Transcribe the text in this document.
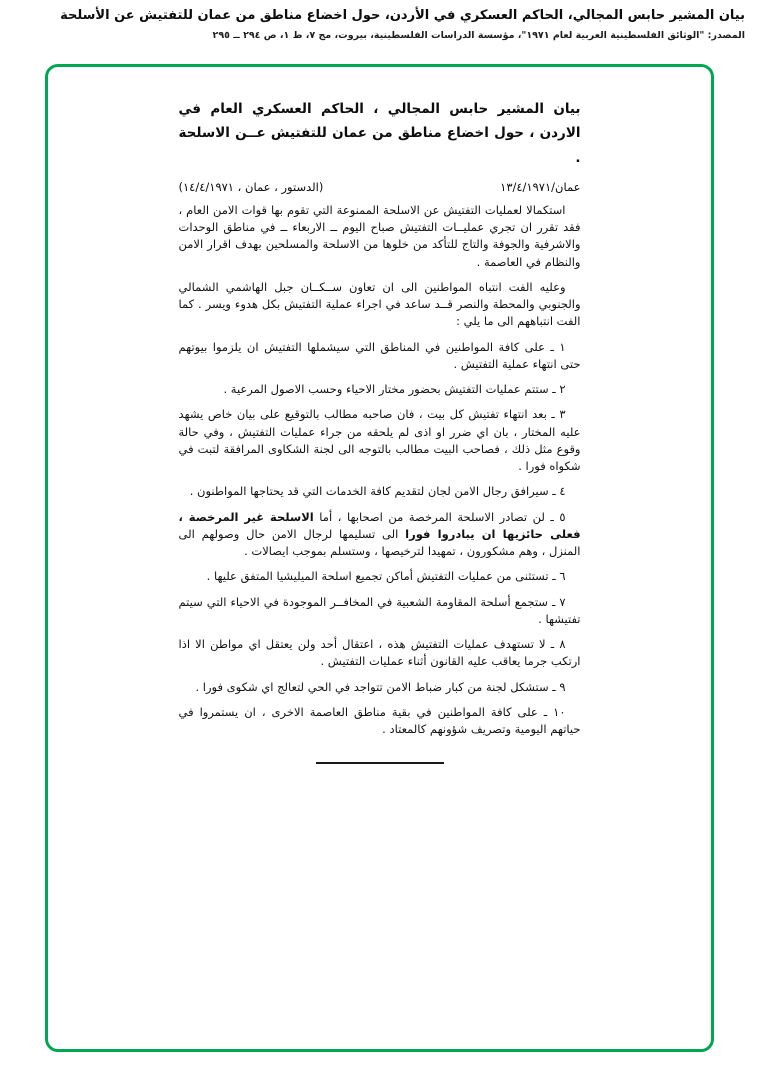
بيان المشير حابس المجالي، الحاكم العسكري في الأردن، حول اخضاع مناطق من عمان للتفتيش عن الأسلحة
المصدر: "الوثائق الفلسطينية العربية لعام ١٩٧١"، مؤسسة الدراسات الفلسطينية، بيروت، مج ٧، ط ١، ص ٢٩٤ ــ ٢٩٥
بيان المشير حابس المجالي ، الحاكم العسكري العام في الاردن ، حول اخضاع مناطق من عمان للتفتيش عــن الاسلحة .
عمان/١٣/٤/١٩٧١
(الدستور ، عمان ، ١٤/٤/١٩٧١)

استكمالا لعمليات التفتيش عن الاسلحة الممنوعة التي تقوم بها قوات الامن العام ، فقد تقرر ان تجري عمليــات التفتيش صباح اليوم ــ الاربعاء ــ في مناطق الوحدات والاشرفية والجوفة والتاج للتأكد من خلوها من الاسلحة والمسلحين بهدف اقرار الامن والنظام في العاصمة .

وعليه الفت انتباه المواطنين الى ان تعاون ســكــان جبل الهاشمي الشمالي والجنوبي والمحطة والنصر قــد ساعد في اجراء عملية التفتيش بكل هدوء ويسر . كما الفت انتباههم الى ما يلي :

١ ـ على كافة المواطنين في المناطق التي سيشملها التفتيش ان يلزموا بيوتهم حتى انتهاء عملية التفتيش .

٢ ـ ستتم عمليات التفتيش بحضور مختار الاحياء وحسب الاصول المرعية .

٣ ـ بعد انتهاء تفتيش كل بيت ، فان صاحبه مطالب بالتوقيع على بيان خاص يشهد عليه المختار ، بان اي ضرر او اذى لم يلحقه من جراء عمليات التفتيش ، وفي حالة وقوع مثل ذلك ، فصاحب البيت مطالب بالتوجه الى لجنة الشكاوى المرافقة لتبت في شكواه فورا .

٤ ـ سيرافق رجال الامن لجان لتقديم كافة الخدمات التي قد يحتاجها المواطنون .

٥ ـ لن تصادر الاسلحة المرخصة من اصحابها ، أما الاسلحة غير المرخصة ، فعلى حائزيها ان يبادروا فورا الى تسليمها لرجال الامن حال وصولهم الى المنزل ، وهم مشكورون ، تمهيدا لترخيصها ، وستسلم بموجب ايصالات .

٦ ـ تستثنى من عمليات التفتيش أماكن تجميع اسلحة الميليشيا المتفق عليها .

٧ ـ ستجمع أسلحة المقاومة الشعبية في المخافــر الموجودة في الاحياء التي سيتم تفتيشها .

٨ ـ لا تستهدف عمليات التفتيش هذه ، اعتقال أحد ولن يعتقل اي مواطن الا اذا ارتكب جرما يعاقب عليه القانون أثناء عمليات التفتيش .

٩ ـ ستشكل لجنة من كبار ضباط الامن تتواجد في الحي لتعالج اي شكوى فورا .

١٠ ـ على كافة المواطنين في بقية مناطق العاصمة الاخرى ، ان يستمروا في حياتهم اليومية وتصريف شؤونهم كالمعتاد .
